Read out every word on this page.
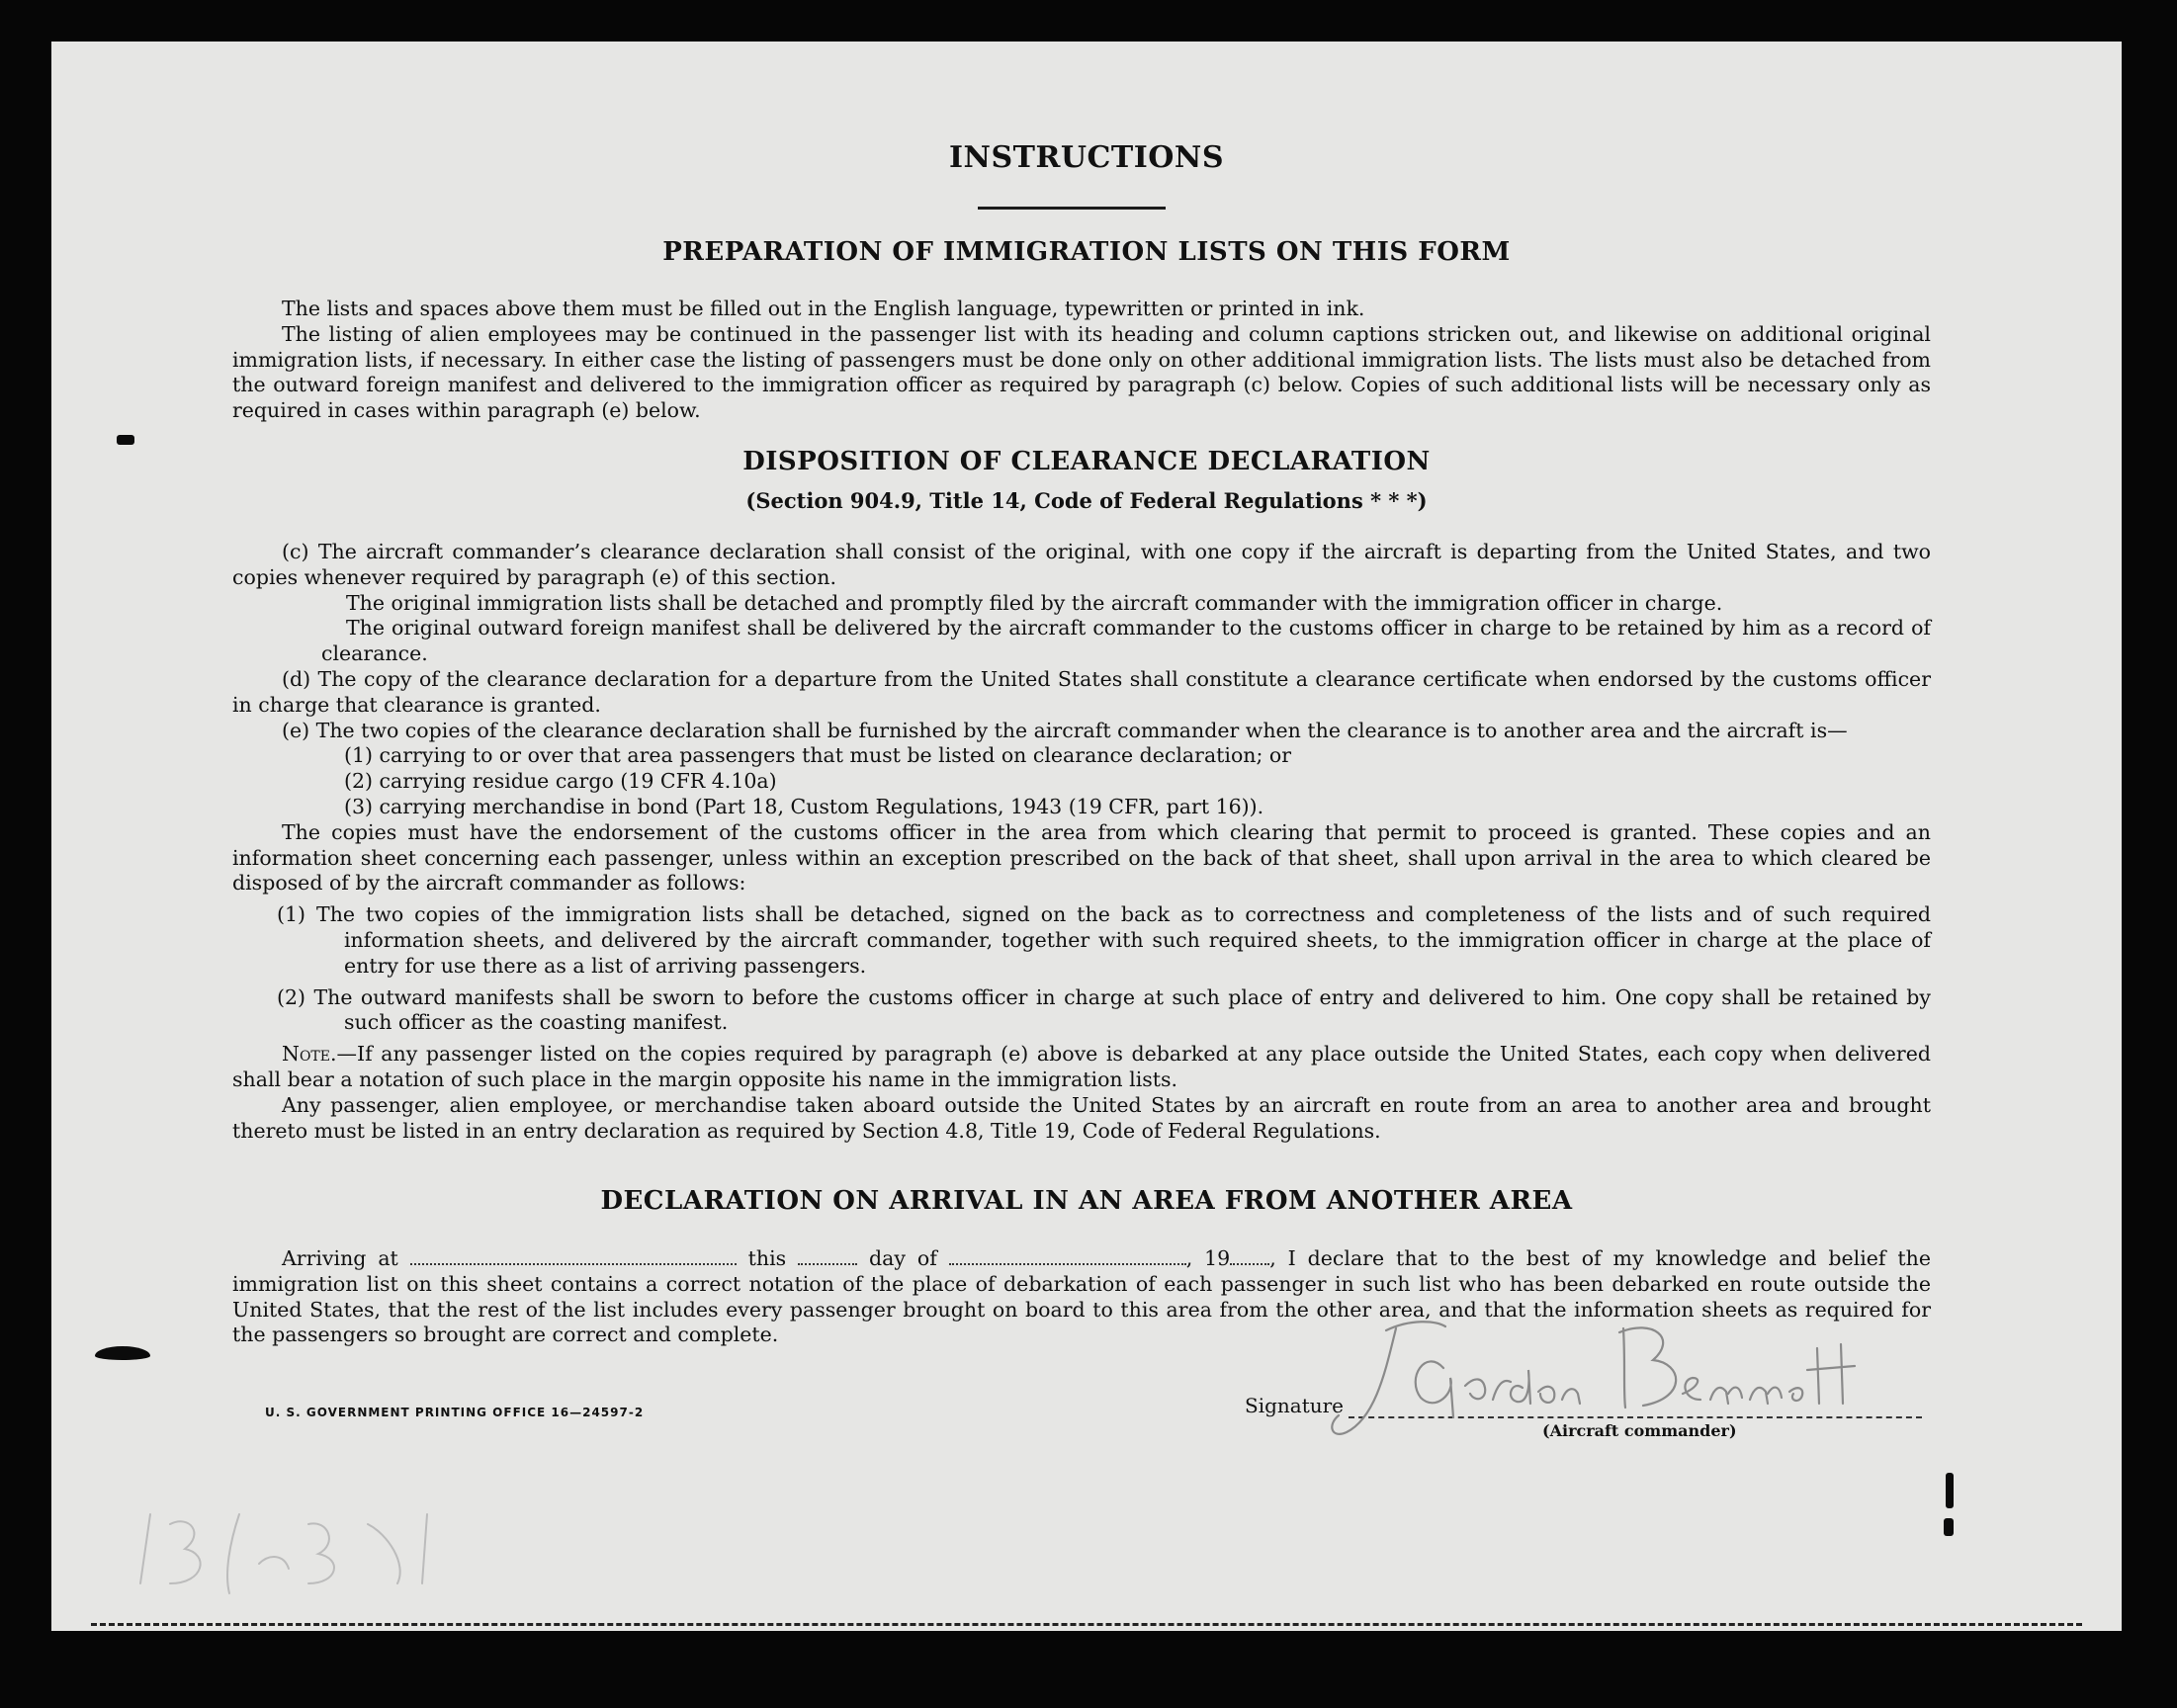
INSTRUCTIONS
PREPARATION OF IMMIGRATION LISTS ON THIS FORM

The lists and spaces above them must be filled out in the English language, typewritten or printed in ink.

The listing of alien employees may be continued in the passenger list with its heading and column captions stricken out, and likewise on additional original immigration lists, if necessary. In either case the listing of passengers must be done only on other additional immigration lists. The lists must also be detached from the outward foreign manifest and delivered to the immigration officer as required by paragraph (c) below. Copies of such additional lists will be necessary only as required in cases within paragraph (e) below.

DISPOSITION OF CLEARANCE DECLARATION
(Section 904.9, Title 14, Code of Federal Regulations * * *)

(c) The aircraft commander’s clearance declaration shall consist of the original, with one copy if the aircraft is departing from the United States, and two copies whenever required by paragraph (e) of this section.

The original immigration lists shall be detached and promptly filed by the aircraft commander with the immigration officer in charge.

The original outward foreign manifest shall be delivered by the aircraft commander to the customs officer in charge to be retained by him as a record of clearance.

(d) The copy of the clearance declaration for a departure from the United States shall constitute a clearance certificate when endorsed by the customs officer in charge that clearance is granted.

(e) The two copies of the clearance declaration shall be furnished by the aircraft commander when the clearance is to another area and the aircraft is—

(1) carrying to or over that area passengers that must be listed on clearance declaration; or

(2) carrying residue cargo (19 CFR 4.10a)

(3) carrying merchandise in bond (Part 18, Custom Regulations, 1943 (19 CFR, part 16)).

The copies must have the endorsement of the customs officer in the area from which clearing that permit to proceed is granted. These copies and an information sheet concerning each passenger, unless within an exception prescribed on the back of that sheet, shall upon arrival in the area to which cleared be disposed of by the aircraft commander as follows:

(1) The two copies of the immigration lists shall be detached, signed on the back as to correctness and completeness of the lists and of such required information sheets, and delivered by the aircraft commander, together with such required sheets, to the immigration officer in charge at the place of entry for use there as a list of arriving passengers.

(2) The outward manifests shall be sworn to before the customs officer in charge at such place of entry and delivered to him. One copy shall be retained by such officer as the coasting manifest.

Note.—If any passenger listed on the copies required by paragraph (e) above is debarked at any place outside the United States, each copy when delivered shall bear a notation of such place in the margin opposite his name in the immigration lists.

Any passenger, alien employee, or merchandise taken aboard outside the United States by an aircraft en route from an area to another area and brought thereto must be listed in an entry declaration as required by Section 4.8, Title 19, Code of Federal Regulations.

DECLARATION ON ARRIVAL IN AN AREA FROM ANOTHER AREA

Arriving at	this	day of	, 19 , I declare that to the best of my knowledge and belief the immigration list on this sheet contains a correct notation of the place of debarkation of each passenger in such list who has been debarked en route outside the United States, that the rest of the list includes every passenger brought on board to this area from the other area, and that the information sheets as required for the passengers so brought are correct and complete.

U. S. GOVERNMENT PRINTING OFFICE 16—24597-2	Signature
(Aircraft commander)
